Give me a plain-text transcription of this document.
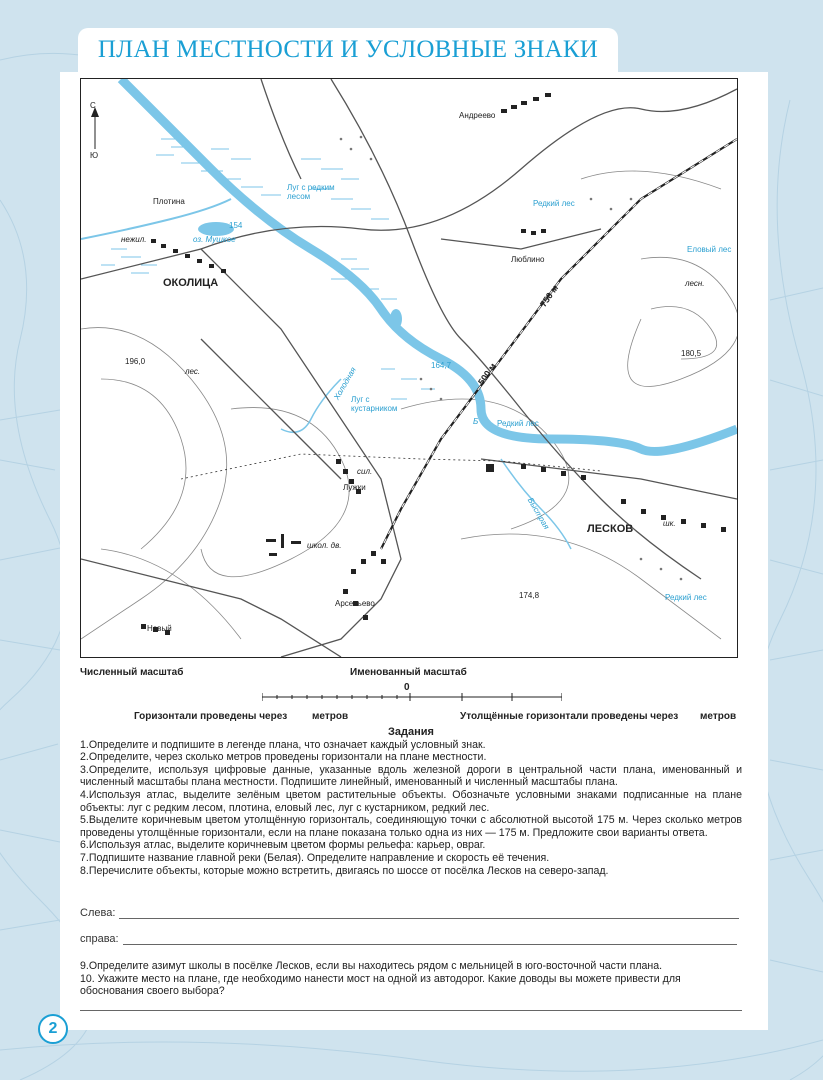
ПЛАН МЕСТНОСТИ И УСЛОВНЫЕ ЗНАКИ
С
Ю
Андреево
Люблино
ОКОЛИЦА
Лужки
Арсеньево
Новый
ЛЕСКОВ
Плотина
оз. Мушкое
нежил.
Луг с редким лесом
Редкий лес
Еловый лес
лесн.
лес.	Холодная
Луг с кустарником
Редкий лес
сил.
школ. дв.
Быстрая	шк.
Редкий лес
154
196,0	164,7
180,5
174,8
750 м
500 м
Б
Численный масштаб	Именованный масштаб
0
Горизонтали проведены через метров	Утолщённые горизонтали проведены через метров
Задания

1.Определите и подпишите в легенде плана, что означает каждый условный знак.

2.Определите, через сколько метров проведены горизонтали на плане местности.

3.Определите, используя цифровые данные, указанные вдоль железной дороги в центральной части плана, именованный и численный масштабы плана местности. Подпишите линейный, именованный и численный масштабы плана.

4.Используя атлас, выделите зелёным цветом растительные объекты. Обозначьте условными знаками подписанные на плане объекты: луг с редким лесом, плотина, еловый лес, луг с кустарником, редкий лес.

5.Выделите коричневым цветом утолщённую горизонталь, соединяющую точки с абсолютной высотой 175 м. Через сколько метров проведены утолщённые горизонтали, если на плане показана только одна из них — 175 м. Предложите свои варианты ответа.

6.Используя атлас, выделите коричневым цветом формы рельефа: карьер, овраг.

7.Подпишите название главной реки (Белая). Определите направление и скорость её течения.

8.Перечислите объекты, которые можно встретить, двигаясь по шоссе от посёлка Лесков на северо-запад.

Слева:
справа:

9.Определите азимут школы в посёлке Лесков, если вы находитесь рядом с мельницей в юго-восточной части плана.

10. Укажите место на плане, где необходимо нанести мост на одной из автодорог. Какие доводы вы можете привести для обоснования своего выбора?

2
